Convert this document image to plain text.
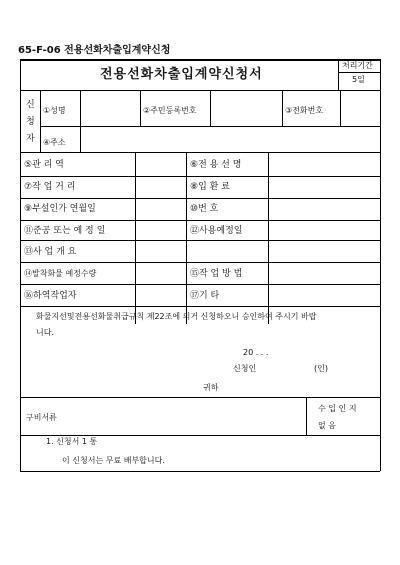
65-F-06 전용선화차출입계약신청
전용선화차출입계약신청서
처리기간
5일
신
청
자
①성명	②주민등록번호	③전화번호
④주소
⑤관 리 역	⑥전 용 선 명
⑦작 업 거 리	⑧입 환 료
⑨부설인가 연월일	⑩번 호
⑪준공 또는 예 정 일	⑫사용예정일
⑬사 업 개 요
⑭발착화물 예정수량	⑮작 업 방 법
⑯하역작업자	⑰기 타
화물지선및전용선화물취급규칙 제22조에 의거 신청하오니 승인하여 주시기 바랍
니다.
20 . . .
신청인	(인)
귀하
구비서류
수 입 인 지
없 음
1. 신청서 1 통
이 신청서는 무료 배부합니다.
